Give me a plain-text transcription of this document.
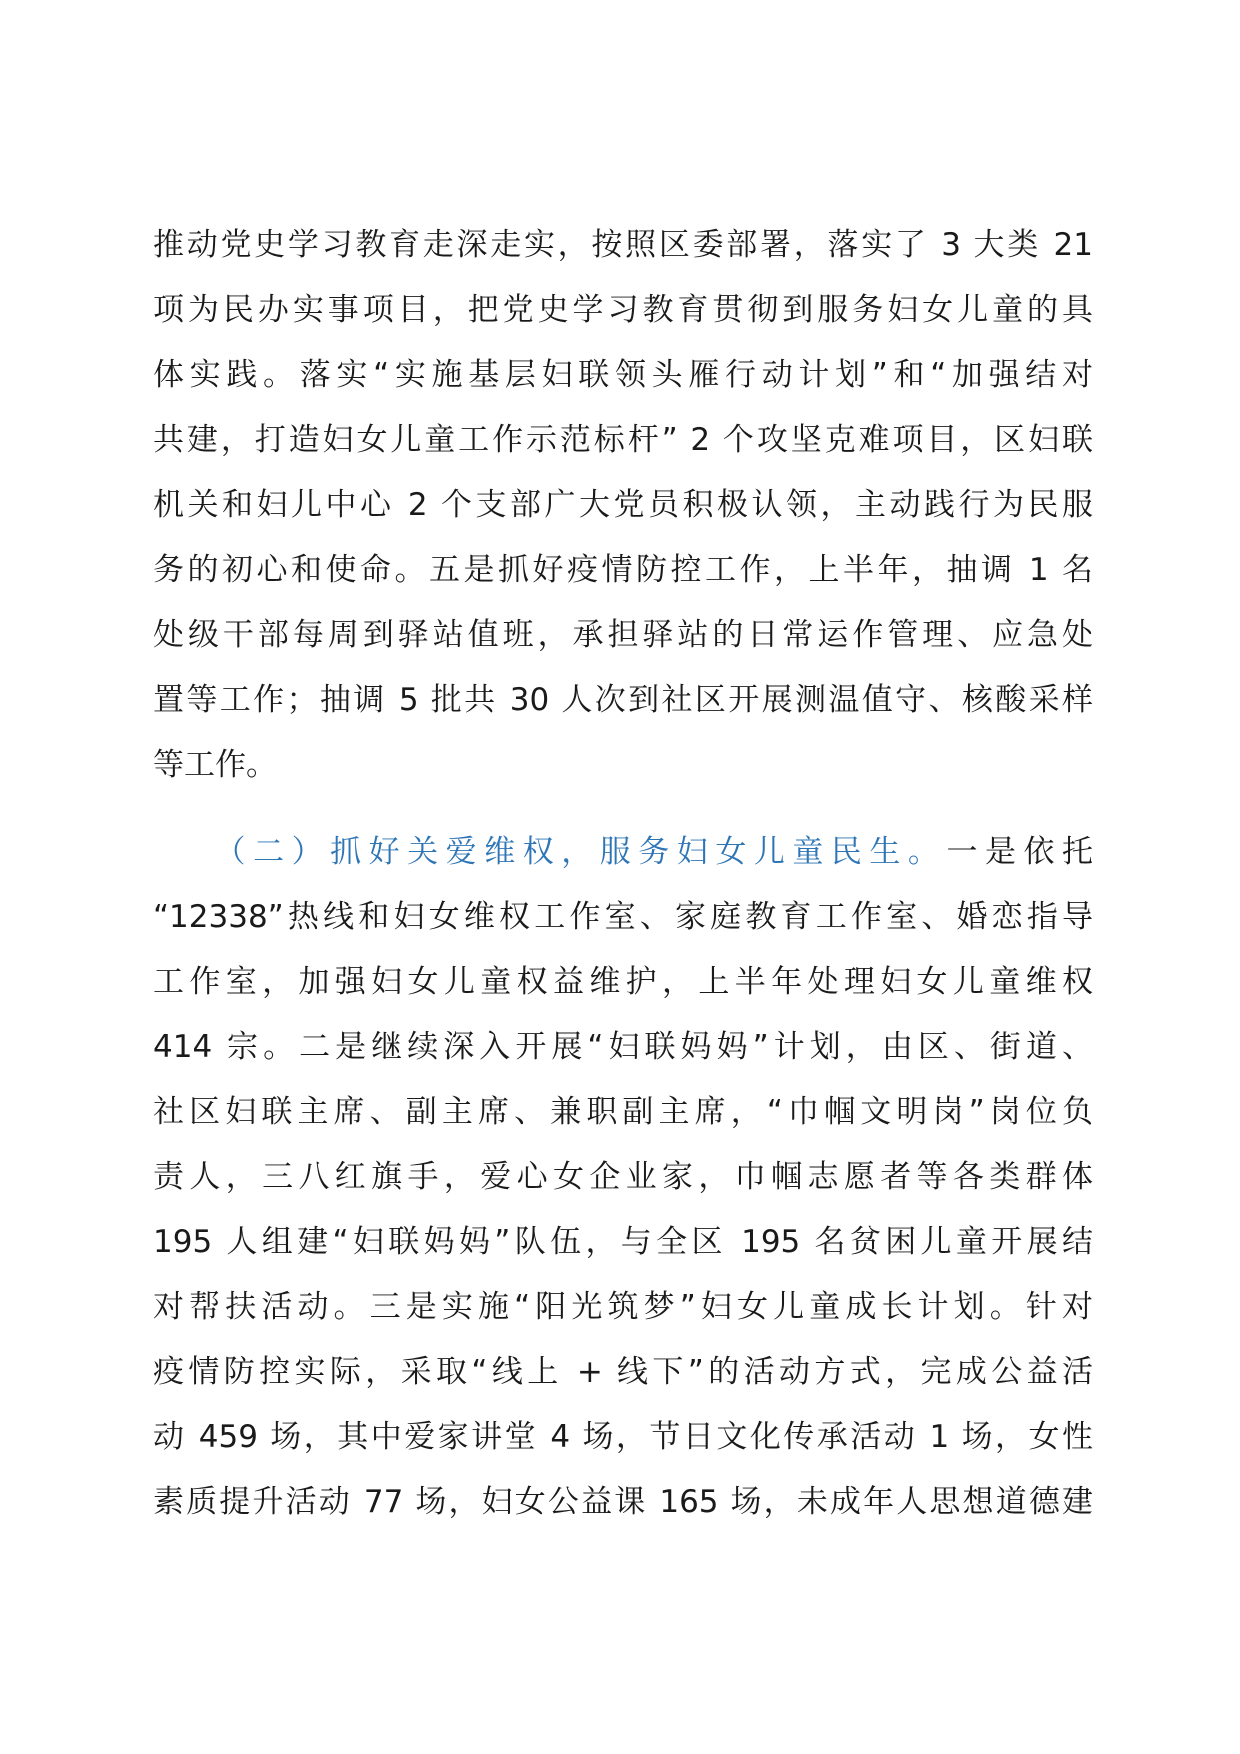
推动党史学习教育走深走实，按照区委部署，落实了 3 大类 21
项为民办实事项目，把党史学习教育贯彻到服务妇女儿童的具
体实践。落实“实施基层妇联领头雁行动计划”和“加强结对
共建，打造妇女儿童工作示范标杆” 2 个攻坚克难项目，区妇联
机关和妇儿中心 2 个支部广大党员积极认领，主动践行为民服
务的初心和使命。五是抓好疫情防控工作，上半年，抽调 1 名
处级干部每周到驿站值班，承担驿站的日常运作管理、应急处
置等工作；抽调 5 批共 30 人次到社区开展测温值守、核酸采样
等工作。
　　（二）抓好关爱维权，服务妇女儿童民生。一是依托
“12338”热线和妇女维权工作室、家庭教育工作室、婚恋指导
工作室，加强妇女儿童权益维护，上半年处理妇女儿童维权
414 宗。二是继续深入开展“妇联妈妈”计划，由区、街道、
社区妇联主席、副主席、兼职副主席，“巾帼文明岗”岗位负
责人，三八红旗手，爱心女企业家，巾帼志愿者等各类群体
195 人组建“妇联妈妈”队伍，与全区 195 名贫困儿童开展结
对帮扶活动。三是实施“阳光筑梦”妇女儿童成长计划。针对
疫情防控实际，采取“线上 + 线下”的活动方式，完成公益活
动 459 场，其中爱家讲堂 4 场，节日文化传承活动 1 场，女性
素质提升活动 77 场，妇女公益课 165 场，未成年人思想道德建
